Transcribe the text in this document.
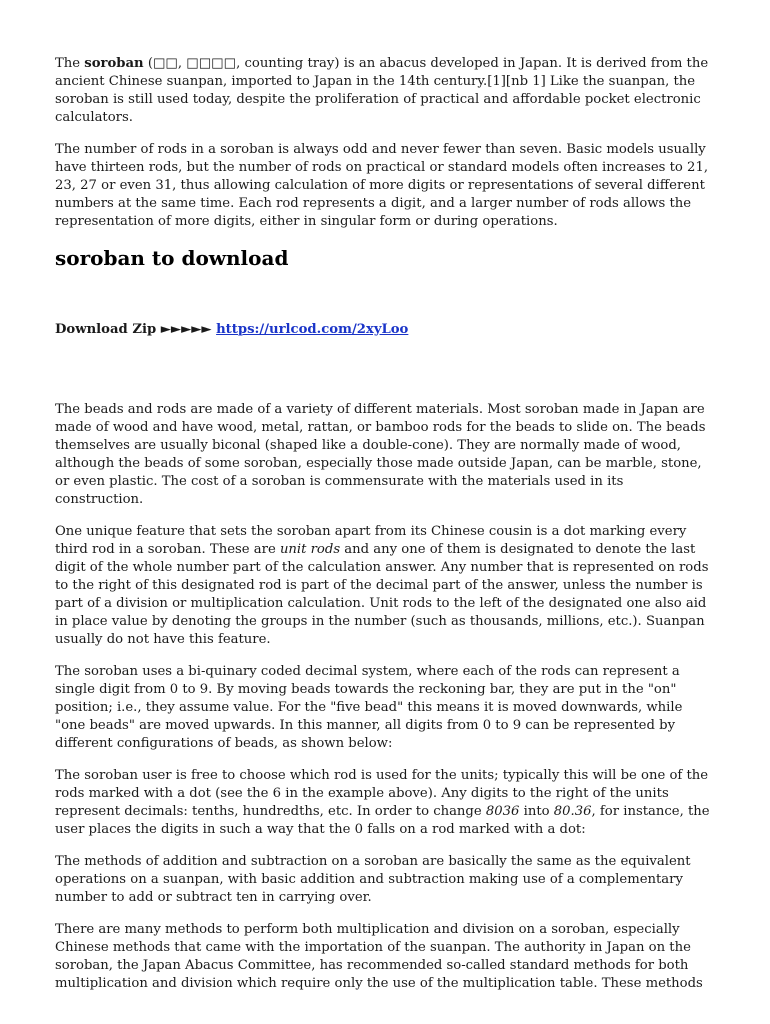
The soroban (□□, □□□□, counting tray) is an abacus developed in Japan. It is derived from the ancient Chinese suanpan, imported to Japan in the 14th century.[1][nb 1] Like the suanpan, the soroban is still used today, despite the proliferation of practical and affordable pocket electronic calculators.

The number of rods in a soroban is always odd and never fewer than seven. Basic models usually have thirteen rods, but the number of rods on practical or standard models often increases to 21, 23, 27 or even 31, thus allowing calculation of more digits or representations of several different numbers at the same time. Each rod represents a digit, and a larger number of rods allows the representation of more digits, either in singular form or during operations.

soroban to download
Download Zip ►►►►► https://urlcod.com/2xyLoo

The beads and rods are made of a variety of different materials. Most soroban made in Japan are made of wood and have wood, metal, rattan, or bamboo rods for the beads to slide on. The beads themselves are usually biconal (shaped like a double-cone). They are normally made of wood, although the beads of some soroban, especially those made outside Japan, can be marble, stone, or even plastic. The cost of a soroban is commensurate with the materials used in its construction.

One unique feature that sets the soroban apart from its Chinese cousin is a dot marking every third rod in a soroban. These are unit rods and any one of them is designated to denote the last digit of the whole number part of the calculation answer. Any number that is represented on rods to the right of this designated rod is part of the decimal part of the answer, unless the number is part of a division or multiplication calculation. Unit rods to the left of the designated one also aid in place value by denoting the groups in the number (such as thousands, millions, etc.). Suanpan usually do not have this feature.

The soroban uses a bi-quinary coded decimal system, where each of the rods can represent a single digit from 0 to 9. By moving beads towards the reckoning bar, they are put in the "on" position; i.e., they assume value. For the "five bead" this means it is moved downwards, while "one beads" are moved upwards. In this manner, all digits from 0 to 9 can be represented by different configurations of beads, as shown below:

The soroban user is free to choose which rod is used for the units; typically this will be one of the rods marked with a dot (see the 6 in the example above). Any digits to the right of the units represent decimals: tenths, hundredths, etc. In order to change 8036 into 80.36, for instance, the user places the digits in such a way that the 0 falls on a rod marked with a dot:

The methods of addition and subtraction on a soroban are basically the same as the equivalent operations on a suanpan, with basic addition and subtraction making use of a complementary number to add or subtract ten in carrying over.

There are many methods to perform both multiplication and division on a soroban, especially Chinese methods that came with the importation of the suanpan. The authority in Japan on the soroban, the Japan Abacus Committee, has recommended so-called standard methods for both multiplication and division which require only the use of the multiplication table. These methods
